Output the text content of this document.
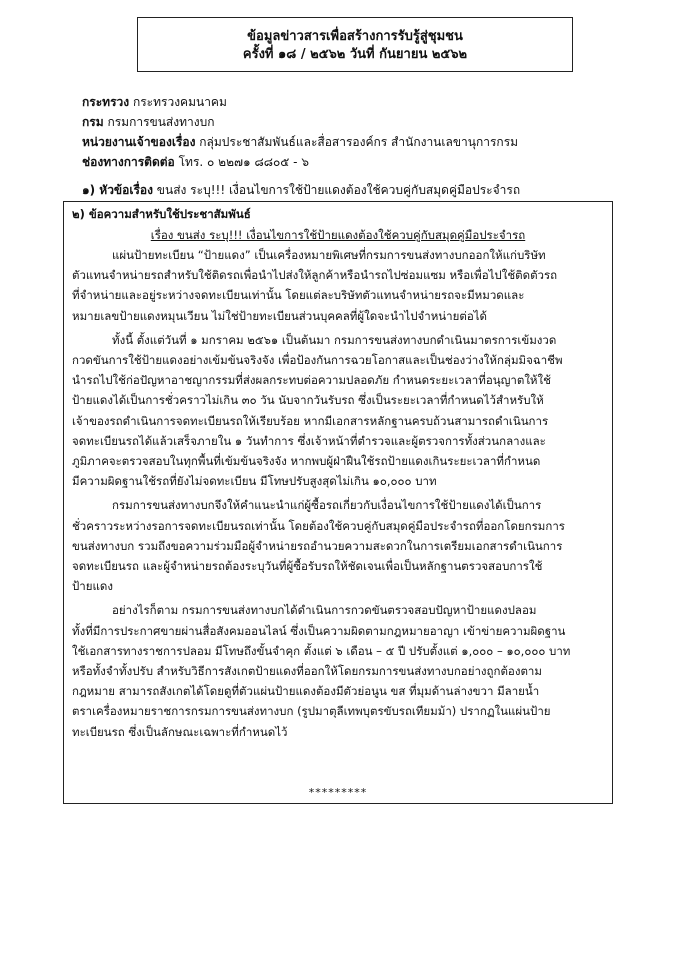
ข้อมูลข่าวสารเพื่อสร้างการรับรู้สู่ชุมชน
ครั้งที่ ๑๘ / ๒๕๖๒ วันที่ กันยายน ๒๕๖๒
กระทรวง กระทรวงคมนาคม
กรม กรมการขนส่งทางบก
หน่วยงานเจ้าของเรื่อง กลุ่มประชาสัมพันธ์และสื่อสารองค์กร สำนักงานเลขานุการกรม
ช่องทางการติดต่อ โทร. ๐ ๒๒๗๑ ๘๘๐๕ - ๖
๑) หัวข้อเรื่อง ขนส่ง ระบุ!!! เงื่อนไขการใช้ป้ายแดงต้องใช้ควบคู่กับสมุดคู่มือประจำรถ
๒) ข้อความสำหรับใช้ประชาสัมพันธ์
เรื่อง ขนส่ง ระบุ!!! เงื่อนไขการใช้ป้ายแดงต้องใช้ควบคู่กับสมุดคู่มือประจำรถ

แผ่นป้ายทะเบียน “ป้ายแดง” เป็นเครื่องหมายพิเศษที่กรมการขนส่งทางบกออกให้แก่บริษัท
ตัวแทนจำหน่ายรถสำหรับใช้ติดรถเพื่อนำไปส่งให้ลูกค้าหรือนำรถไปซ่อมแซม หรือเพื่อไปใช้ติดตัวรถ
ที่จำหน่ายและอยู่ระหว่างจดทะเบียนเท่านั้น โดยแต่ละบริษัทตัวแทนจำหน่ายรถจะมีหมวดและ
หมายเลขป้ายแดงหมุนเวียน ไม่ใช่ป้ายทะเบียนส่วนบุคคลที่ผู้ใดจะนำไปจำหน่ายต่อได้

ทั้งนี้ ตั้งแต่วันที่ ๑ มกราคม ๒๕๖๑ เป็นต้นมา กรมการขนส่งทางบกดำเนินมาตรการเข้มงวด
กวดขันการใช้ป้ายแดงอย่างเข้มข้นจริงจัง เพื่อป้องกันการฉวยโอกาสและเป็นช่องว่างให้กลุ่มมิจฉาชีพ
นำรถไปใช้ก่อปัญหาอาชญากรรมที่ส่งผลกระทบต่อความปลอดภัย กำหนดระยะเวลาที่อนุญาตให้ใช้
ป้ายแดงได้เป็นการชั่วคราวไม่เกิน ๓๐ วัน นับจากวันรับรถ ซึ่งเป็นระยะเวลาที่กำหนดไว้สำหรับให้
เจ้าของรถดำเนินการจดทะเบียนรถให้เรียบร้อย หากมีเอกสารหลักฐานครบถ้วนสามารถดำเนินการ
จดทะเบียนรถได้แล้วเสร็จภายใน ๑ วันทำการ ซึ่งเจ้าหน้าที่ตำรวจและผู้ตรวจการทั้งส่วนกลางและ
ภูมิภาคจะตรวจสอบในทุกพื้นที่เข้มข้นจริงจัง หากพบผู้ฝ่าฝืนใช้รถป้ายแดงเกินระยะเวลาที่กำหนด
มีความผิดฐานใช้รถที่ยังไม่จดทะเบียน มีโทษปรับสูงสุดไม่เกิน ๑๐,๐๐๐ บาท

กรมการขนส่งทางบกจึงให้คำแนะนำแก่ผู้ซื้อรถเกี่ยวกับเงื่อนไขการใช้ป้ายแดงได้เป็นการ
ชั่วคราวระหว่างรอการจดทะเบียนรถเท่านั้น โดยต้องใช้ควบคู่กับสมุดคู่มือประจำรถที่ออกโดยกรมการ
ขนส่งทางบก รวมถึงขอความร่วมมือผู้จำหน่ายรถอำนวยความสะดวกในการเตรียมเอกสารดำเนินการ
จดทะเบียนรถ และผู้จำหน่ายรถต้องระบุวันที่ผู้ซื้อรับรถให้ชัดเจนเพื่อเป็นหลักฐานตรวจสอบการใช้
ป้ายแดง

อย่างไรก็ตาม กรมการขนส่งทางบกได้ดำเนินการกวดขันตรวจสอบปัญหาป้ายแดงปลอม
ทั้งที่มีการประกาศขายผ่านสื่อสังคมออนไลน์ ซึ่งเป็นความผิดตามกฎหมายอาญา เข้าข่ายความผิดฐาน
ใช้เอกสารทางราชการปลอม มีโทษถึงขั้นจำคุก ตั้งแต่ ๖ เดือน – ๕ ปี ปรับตั้งแต่ ๑,๐๐๐ – ๑๐,๐๐๐ บาท
หรือทั้งจำทั้งปรับ สำหรับวิธีการสังเกตป้ายแดงที่ออกให้โดยกรมการขนส่งทางบกอย่างถูกต้องตาม
กฎหมาย สามารถสังเกตได้โดยดูที่ตัวแผ่นป้ายแดงต้องมีตัวย่อนูน ขส ที่มุมด้านล่างขวา มีลายน้ำ
ตราเครื่องหมายราชการกรมการขนส่งทางบก (รูปมาตุลีเทพบุตรขับรถเทียมม้า) ปรากฏในแผ่นป้าย
ทะเบียนรถ ซึ่งเป็นลักษณะเฉพาะที่กำหนดไว้

*********
